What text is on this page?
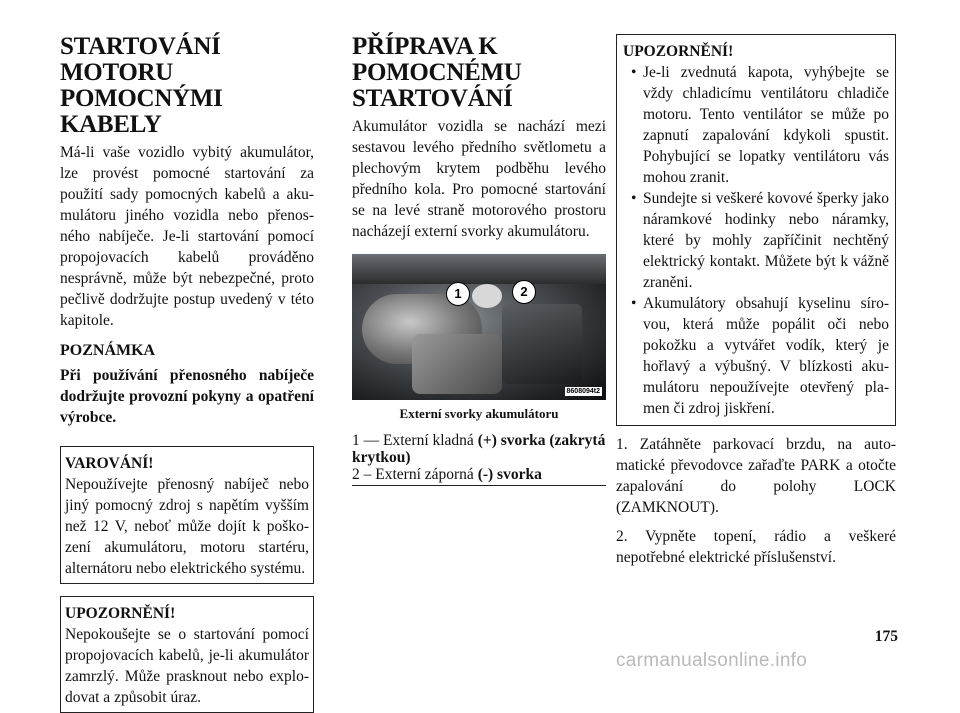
STARTOVÁNÍ MOTORU POMOCNÝMI KABELY

Má-li vaše vozidlo vybitý akumulátor, lze provést pomocné startování za použití sady pomocných kabelů a aku-mulátoru jiného vozidla nebo přenos-ného nabíječe. Je-li startování pomocí propojovacích kabelů prováděno nesprávně, může být nebezpečné, proto pečlivě dodržujte postup uvedený v této kapitole.

POZNÁMKA

Při používání přenosného nabíječe dodržujte provozní pokyny a opatření výrobce.

VAROVÁNÍ!
Nepoužívejte přenosný nabíječ nebo jiný pomocný zdroj s napětím vyšším než 12 V, neboť může dojít k poško-zení akumulátoru, motoru startéru, alternátoru nebo elektrického systému.
UPOZORNĚNÍ!
Nepokoušejte se o startování pomocí propojovacích kabelů, je-li akumulátor zamrzlý. Může prasknout nebo explo-dovat a způsobit úraz.
PŘÍPRAVA K POMOCNÉMU STARTOVÁNÍ

Akumulátor vozidla se nachází mezi sestavou levého předního světlometu a plechovým krytem podběhu levého předního kola. Pro pomocné startování se na levé straně motorového prostoru nacházejí externí svorky akumulátoru.

1	2
8608094t2
Externí svorky akumulátoru
1 — Externí kladná (+) svorka (zakrytá krytkou)
2 – Externí záporná (-) svorka
UPOZORNĚNÍ!
• Je-li zvednutá kapota, vyhýbejte se vždy chladicímu ventilátoru chladiče motoru. Tento ventilátor se může po zapnutí zapalování kdykoli spustit. Pohybující se lopatky ventilátoru vás mohou zranit.
• Sundejte si veškeré kovové šperky jako náramkové hodinky nebo náramky, které by mohly zapříčinit nechtěný elektrický kontakt. Můžete být k vážně zraněni.
• Akumulátory obsahují kyselinu síro-vou, která může popálit oči nebo pokožku a vytvářet vodík, který je hořlavý a výbušný. V blízkosti aku-mulátoru nepoužívejte otevřený pla-men či zdroj jiskření.

1. Zatáhněte parkovací brzdu, na auto-matické převodovce zařaďte PARK a otočte zapalování do polohy LOCK (ZAMKNOUT).

2. Vypněte topení, rádio a veškeré nepotřebné elektrické příslušenství.

175
carmanualsonline.info
